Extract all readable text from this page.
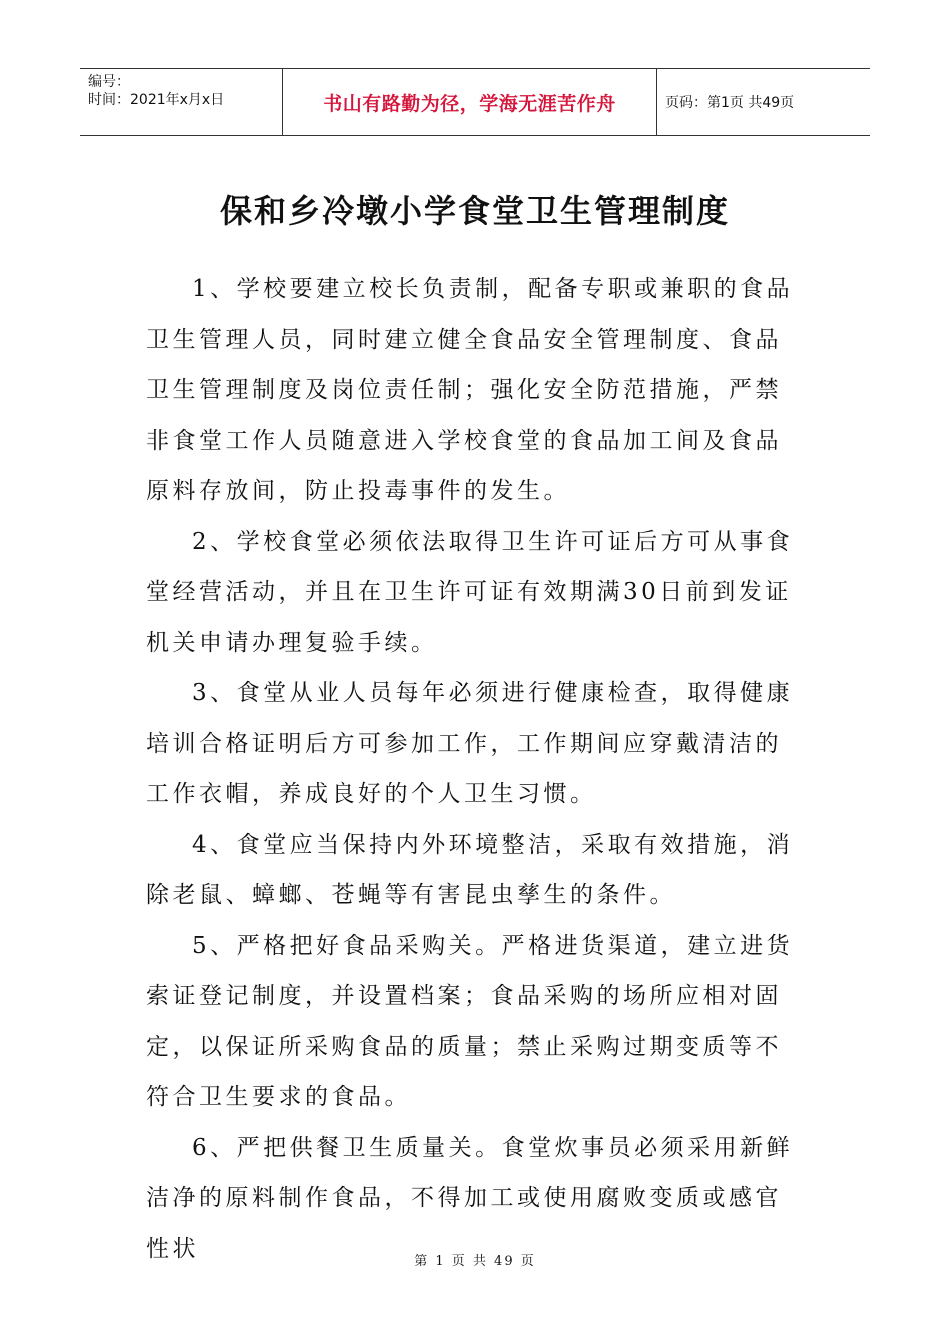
编号：
时间：2021年x月x日	书山有路勤为径，学海无涯苦作舟	页码：第1页 共49页
保和乡冷墩小学食堂卫生管理制度

1、学校要建立校长负责制，配备专职或兼职的食品卫生管理人员，同时建立健全食品安全管理制度、食品卫生管理制度及岗位责任制；强化安全防范措施，严禁非食堂工作人员随意进入学校食堂的食品加工间及食品原料存放间，防止投毒事件的发生。

2、学校食堂必须依法取得卫生许可证后方可从事食堂经营活动，并且在卫生许可证有效期满30日前到发证机关申请办理复验手续。

3、食堂从业人员每年必须进行健康检查，取得健康培训合格证明后方可参加工作，工作期间应穿戴清洁的工作衣帽，养成良好的个人卫生习惯。

4、食堂应当保持内外环境整洁，采取有效措施，消除老鼠、蟑螂、苍蝇等有害昆虫孳生的条件。

5、严格把好食品采购关。严格进货渠道，建立进货索证登记制度，并设置档案；食品采购的场所应相对固定，以保证所采购食品的质量；禁止采购过期变质等不符合卫生要求的食品。

6、严把供餐卫生质量关。食堂炊事员必须采用新鲜洁净的原料制作食品，不得加工或使用腐败变质或感官性状	第 1 页 共 49 页
